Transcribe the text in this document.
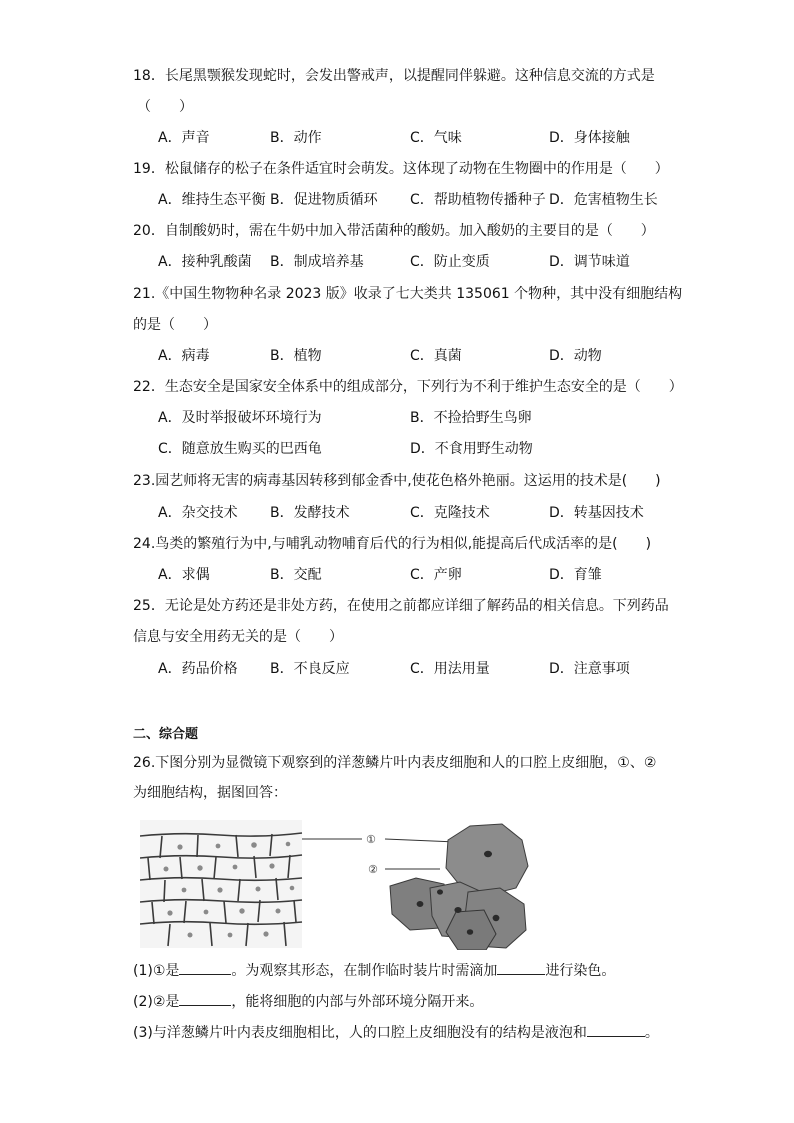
18．长尾黑颚猴发现蛇时，会发出警戒声，以提醒同伴躲避。这种信息交流的方式是
（　　）
A．声音	B．动作	C．气味	D．身体接触
19．松鼠储存的松子在条件适宜时会萌发。这体现了动物在生物圈中的作用是（　　）
A．维持生态平衡 B．促进物质循环 C．帮助植物传播种子 D．危害植物生长
20．自制酸奶时，需在牛奶中加入带活菌种的酸奶。加入酸奶的主要目的是（　　）
A．接种乳酸菌 B．制成培养基	C．防止变质	D．调节味道
21.《中国生物物种名录 2023 版》收录了七大类共 135061 个物种，其中没有细胞结构
的是（　　）
A．病毒	B．植物	C．真菌	D．动物
22．生态安全是国家安全体系中的组成部分，下列行为不利于维护生态安全的是（　　）
A．及时举报破坏环境行为	B．不捡拾野生鸟卵
C．随意放生购买的巴西龟	D．不食用野生动物
23.园艺师将无害的病毒基因转移到郁金香中,使花色格外艳丽。这运用的技术是(　　)
A．杂交技术 B．发酵技术	C．克隆技术	D．转基因技术
24.鸟类的繁殖行为中,与哺乳动物哺育后代的行为相似,能提高后代成活率的是(　　)
A．求偶	B．交配	C．产卵	D．育雏
25．无论是处方药还是非处方药，在使用之前都应详细了解药品的相关信息。下列药品
信息与安全用药无关的是（　　）
A．药品价格 B．不良反应	C．用法用量	D．注意事项
二、综合题
26.下图分别为显微镜下观察到的洋葱鳞片叶内表皮细胞和人的口腔上皮细胞，①、②
为细胞结构，据图回答：
①
②
(1)①是	。为观察其形态，在制作临时装片时需滴加	进行染色。
(2)②是	，能将细胞的内部与外部环境分隔开来。
(3)与洋葱鳞片叶内表皮细胞相比，人的口腔上皮细胞没有的结构是液泡和	。
